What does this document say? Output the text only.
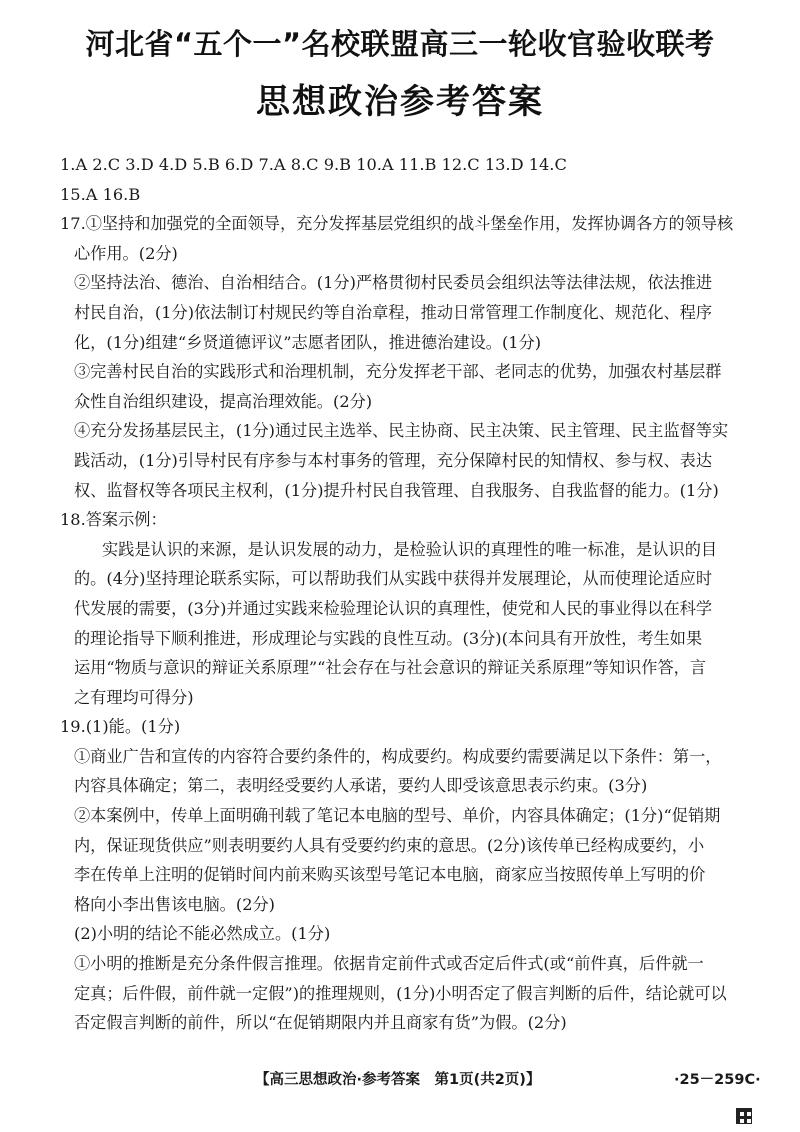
河北省“五个一”名校联盟高三一轮收官验收联考
思想政治参考答案
1.A 2.C 3.D 4.D 5.B 6.D 7.A 8.C 9.B 10.A 11.B 12.C 13.D 14.C
15.A 16.B
17.①坚持和加强党的全面领导，充分发挥基层党组织的战斗堡垒作用，发挥协调各方的领导核
心作用。(2分)
②坚持法治、德治、自治相结合。(1分)严格贯彻村民委员会组织法等法律法规，依法推进
村民自治，(1分)依法制订村规民约等自治章程，推动日常管理工作制度化、规范化、程序
化，(1分)组建“乡贤道德评议”志愿者团队，推进德治建设。(1分)
③完善村民自治的实践形式和治理机制，充分发挥老干部、老同志的优势，加强农村基层群
众性自治组织建设，提高治理效能。(2分)
④充分发扬基层民主，(1分)通过民主选举、民主协商、民主决策、民主管理、民主监督等实
践活动，(1分)引导村民有序参与本村事务的管理，充分保障村民的知情权、参与权、表达
权、监督权等各项民主权利，(1分)提升村民自我管理、自我服务、自我监督的能力。(1分)
18.答案示例：
实践是认识的来源，是认识发展的动力，是检验认识的真理性的唯一标准，是认识的目
的。(4分)坚持理论联系实际，可以帮助我们从实践中获得并发展理论，从而使理论适应时
代发展的需要，(3分)并通过实践来检验理论认识的真理性，使党和人民的事业得以在科学
的理论指导下顺利推进，形成理论与实践的良性互动。(3分)(本问具有开放性，考生如果
运用“物质与意识的辩证关系原理”“社会存在与社会意识的辩证关系原理”等知识作答，言
之有理均可得分)
19.(1)能。(1分)
①商业广告和宣传的内容符合要约条件的，构成要约。构成要约需要满足以下条件：第一，
内容具体确定；第二，表明经受要约人承诺，要约人即受该意思表示约束。(3分)
②本案例中，传单上面明确刊载了笔记本电脑的型号、单价，内容具体确定；(1分)“促销期
内，保证现货供应”则表明要约人具有受要约约束的意思。(2分)该传单已经构成要约，小
李在传单上注明的促销时间内前来购买该型号笔记本电脑，商家应当按照传单上写明的价
格向小李出售该电脑。(2分)
(2)小明的结论不能必然成立。(1分)
①小明的推断是充分条件假言推理。依据肯定前件式或否定后件式(或“前件真，后件就一
定真；后件假，前件就一定假”)的推理规则，(1分)小明否定了假言判断的后件，结论就可以
否定假言判断的前件，所以“在促销期限内并且商家有货”为假。(2分)
【高三思想政治·参考答案　第1页(共2页)】	·25－259C·
